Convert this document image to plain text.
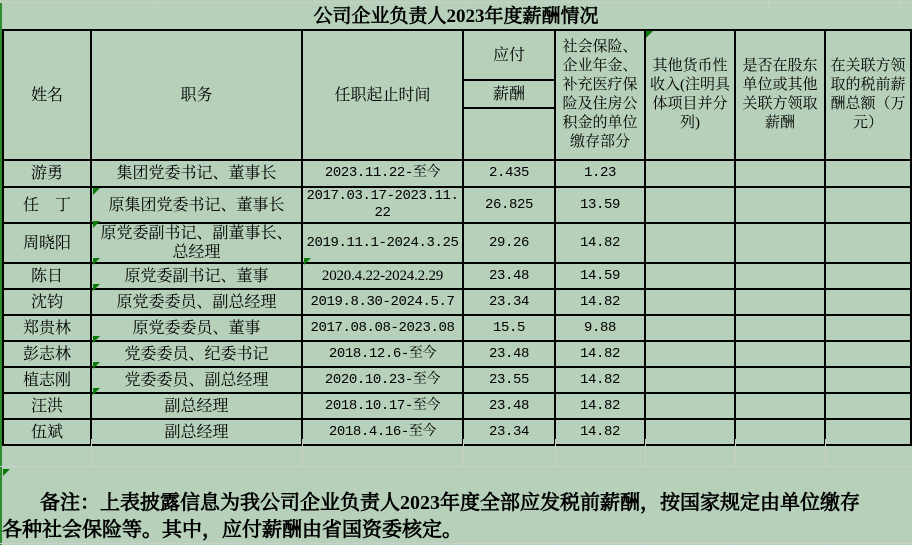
公司企业负责人2023年度薪酬情况
姓名	职务	任职起止时间	应付	社会保险、企业年金、补充医疗保险及住房公积金的单位缴存部分	其他货币性收入(注明具体项目并分列)	是否在股东单位或其他关联方领取薪酬	在关联方领取的税前薪酬总额（万元）
			薪酬				

游勇	集团党委书记、董事长	2023.11.22-至今	2.435	1.23			
任　丁	原集团党委书记、董事长	2017.03.17-2023.11.22	26.825	13.59			
周晓阳	原党委副书记、副董事长、总经理	2019.11.1-2024.3.25	29.26	14.82			
陈日	原党委副书记、董事	2020.4.22-2024.2.29	23.48	14.59			
沈钧	原党委委员、副总经理	2019.8.30-2024.5.7	23.34	14.82			
郑贵林	原党委委员、董事	2017.08.08-2023.08	15.5	9.88			
彭志林	党委委员、纪委书记	2018.12.6-至今	23.48	14.82			
植志刚	党委委员、副总经理	2020.10.23-至今	23.55	14.82			
汪洪	副总经理	2018.10.17-至今	23.48	14.82			
伍斌	副总经理	2018.4.16-至今	23.34	14.82			
备注：上表披露信息为我公司企业负责人2023年度全部应发税前薪酬，按国家规定由单位缴存
各种社会保险等。其中，应付薪酬由省国资委核定。
